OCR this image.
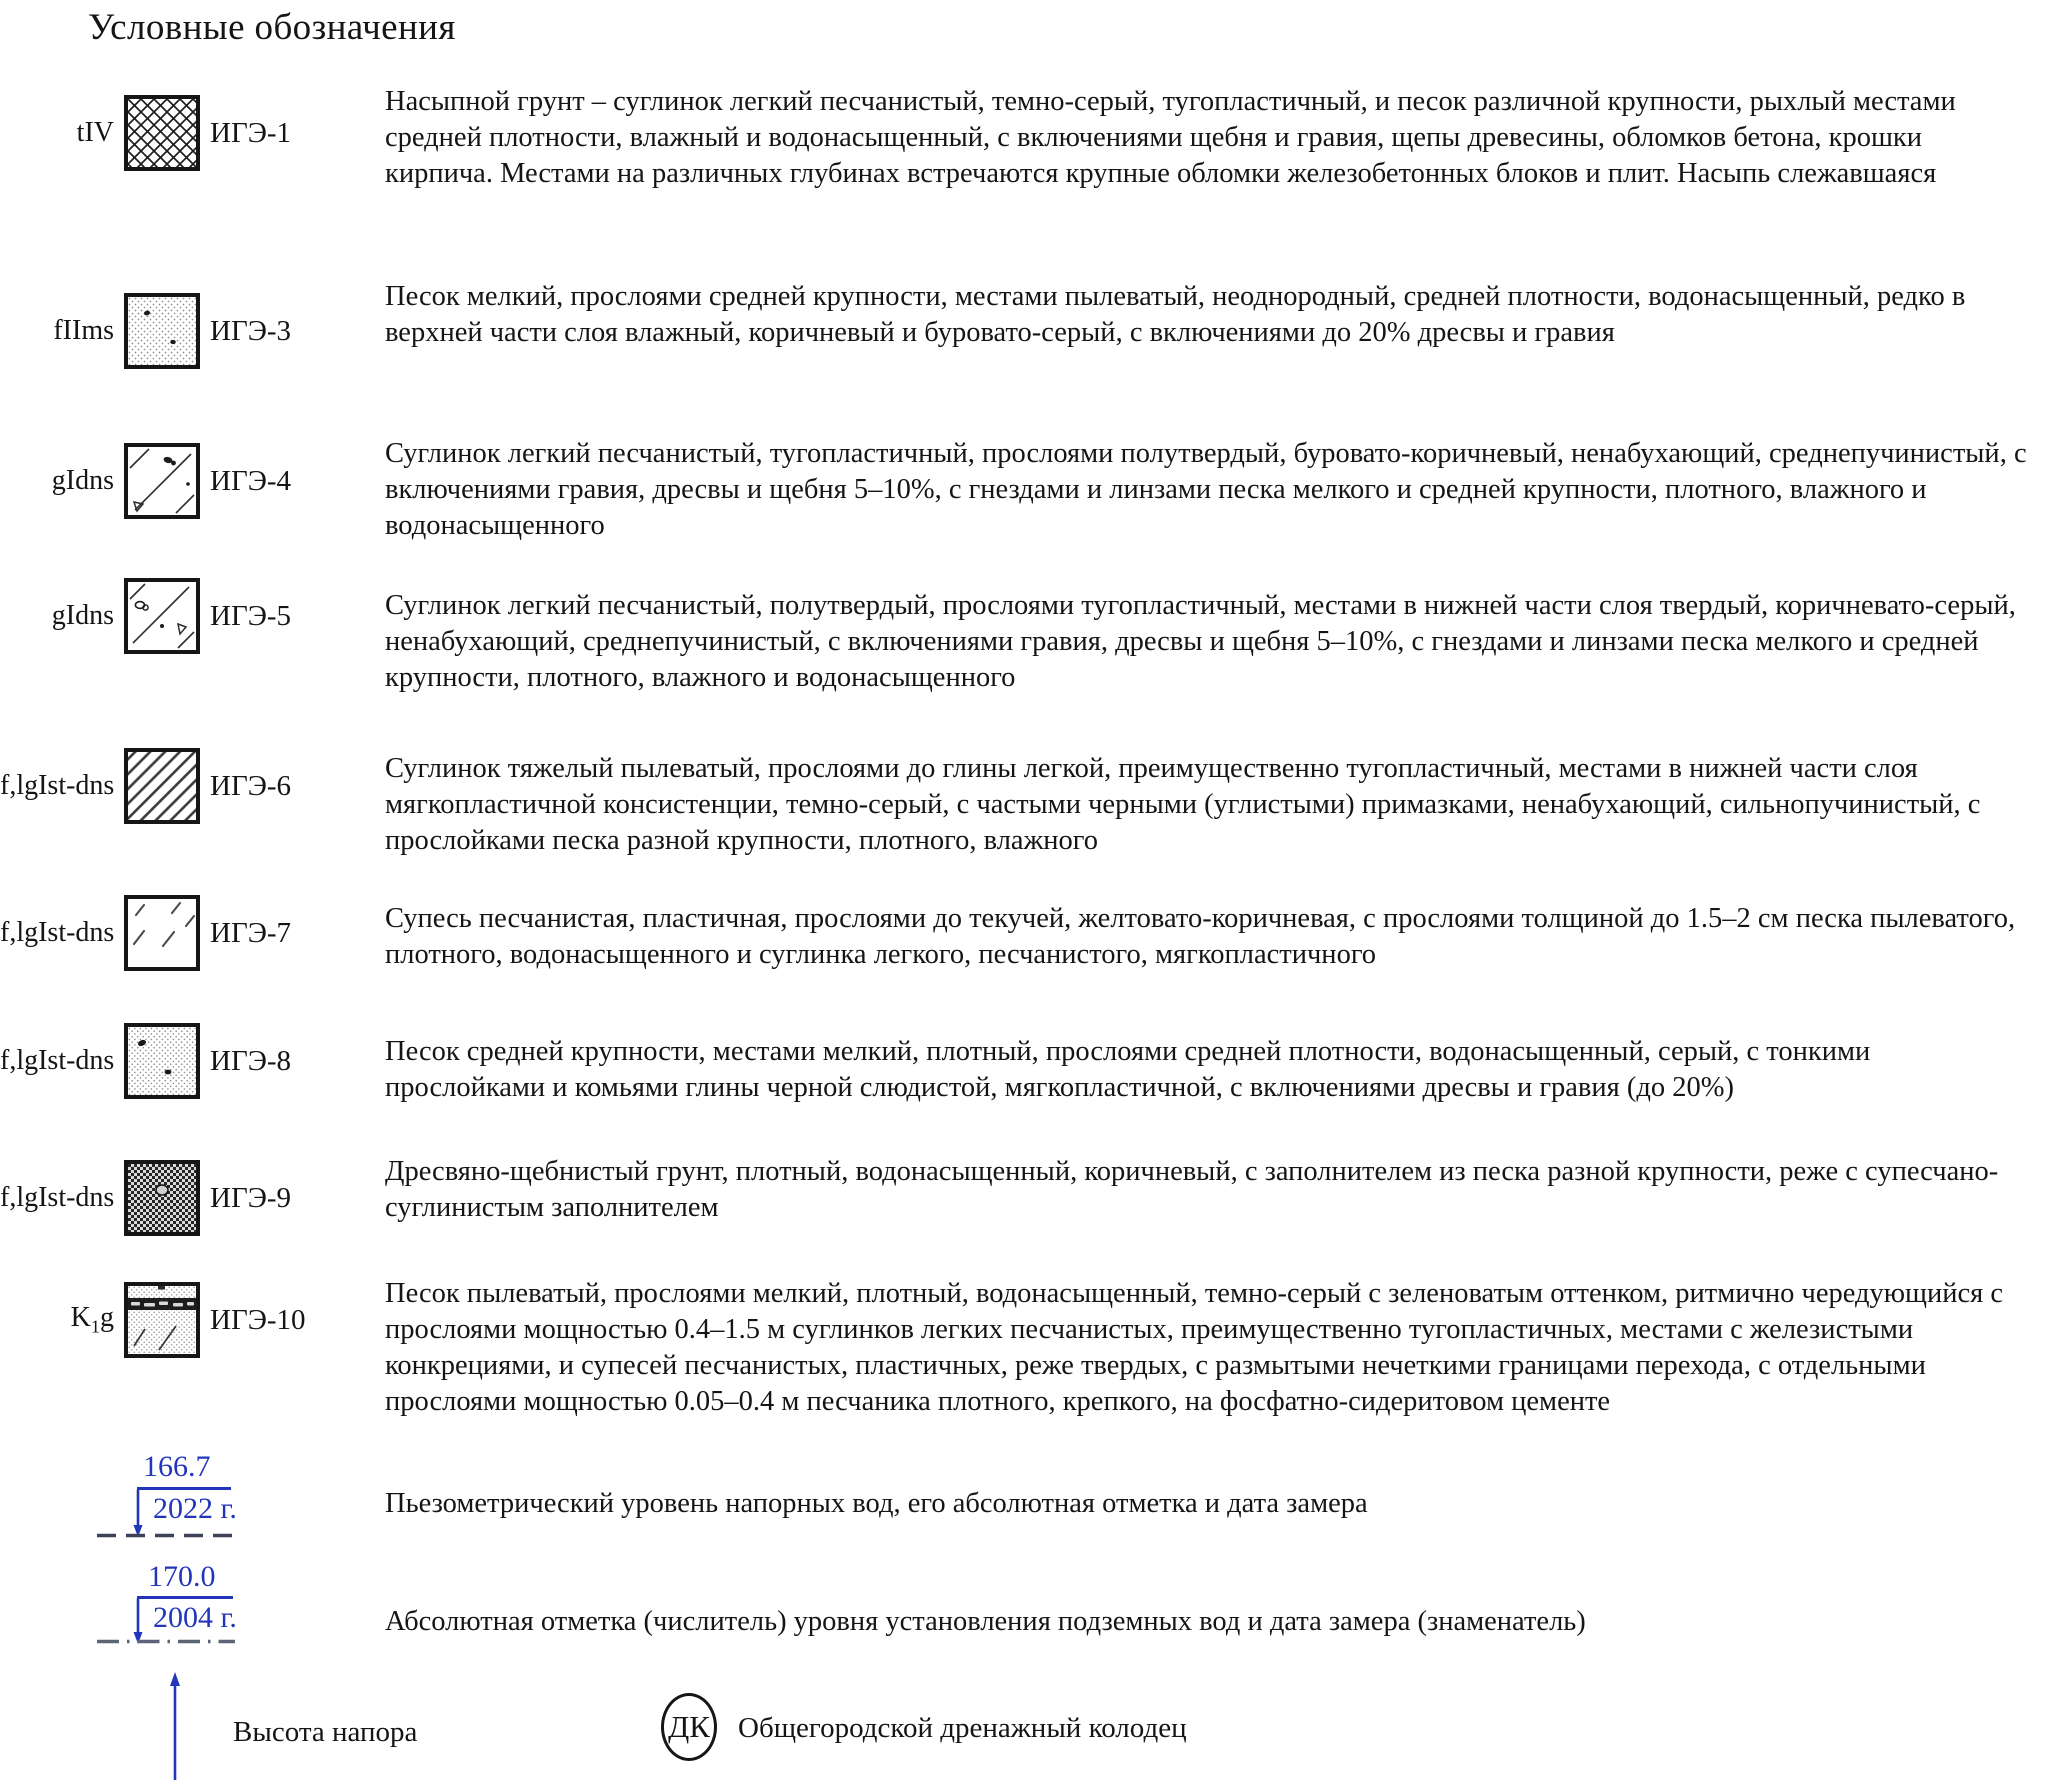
Условные обозначения
tIV	ИГЭ-1
Насыпной грунт – суглинок легкий песчанистый, темно-серый, тугопластичный, и песок различной крупности, рыхлый местами средней плотности, влажный и водонасыщенный, с включениями щебня и гравия, щепы древесины, обломков бетона, крошки кирпича. Местами на различных глубинах встречаются крупные обломки железобетонных блоков и плит. Насыпь слежавшаяся
fIIms	ИГЭ-3
Песок мелкий, прослоями средней крупности, местами пылеватый, неоднородный, средней плотности, водонасыщенный, редко в верхней части слоя влажный, коричневый и буровато-серый, с включениями до 20% дресвы и гравия
gIdns	ИГЭ-4
Суглинок легкий песчанистый, тугопластичный, прослоями полутвердый, буровато-коричневый, ненабухающий, среднепучинистый, с включениями гравия, дресвы и щебня 5–10%, с гнездами и линзами песка мелкого и средней крупности, плотного, влажного и водонасыщенного
gIdns	ИГЭ-5	Суглинок легкий песчанистый, полутвердый, прослоями тугопластичный, местами в нижней части слоя твердый, коричневато-серый, ненабухающий, среднепучинистый, с включениями гравия, дресвы и щебня 5–10%, с гнездами и линзами песка мелкого и средней крупности, плотного, влажного и водонасыщенного
f,lgIst-dns	ИГЭ-6
Суглинок тяжелый пылеватый, прослоями до глины легкой, преимущественно тугопластичный, местами в нижней части слоя мягкопластичной консистенции, темно-серый, с частыми черными (углистыми) примазками, ненабухающий, сильнопучинистый, с прослойками песка разной крупности, плотного, влажного
f,lgIst-dns	ИГЭ-7	Супесь песчанистая, пластичная, прослоями до текучей, желтовато-коричневая, с прослоями толщиной до 1.5–2 см песка пылеватого, плотного, водонасыщенного и суглинка легкого, песчанистого, мягкопластичного
f,lgIst-dns	ИГЭ-8	Песок средней крупности, местами мелкий, плотный, прослоями средней плотности, водонасыщенный, серый, с тонкими прослойками и комьями глины черной слюдистой, мягкопластичной, с включениями дресвы и гравия (до 20%)
f,lgIst-dns	ИГЭ-9
Дресвяно-щебнистый грунт, плотный, водонасыщенный, коричневый, с заполнителем из песка разной крупности, реже с супесчано-суглинистым заполнителем
$K_1g$	ИГЭ-10
Песок пылеватый, прослоями мелкий, плотный, водонасыщенный, темно-серый с зеленоватым оттенком, ритмично чередующийся с прослоями мощностью 0.4–1.5 м суглинков легких песчанистых, преимущественно тугопластичных, местами с железистыми конкрециями, и супесей песчанистых, пластичных, реже твердых, с размытыми нечеткими границами перехода, с отдельными прослоями мощностью 0.05–0.4 м песчаника плотного, крепкого, на фосфатно-сидеритовом цементе
166.7
2022 г.	Пьезометрический уровень напорных вод, его абсолютная отметка и дата замера
170.0
2004 г.	Абсолютная отметка (числитель) уровня установления подземных вод и дата замера (знаменатель)
Высота напора	ДК Общегородской дренажный колодец
